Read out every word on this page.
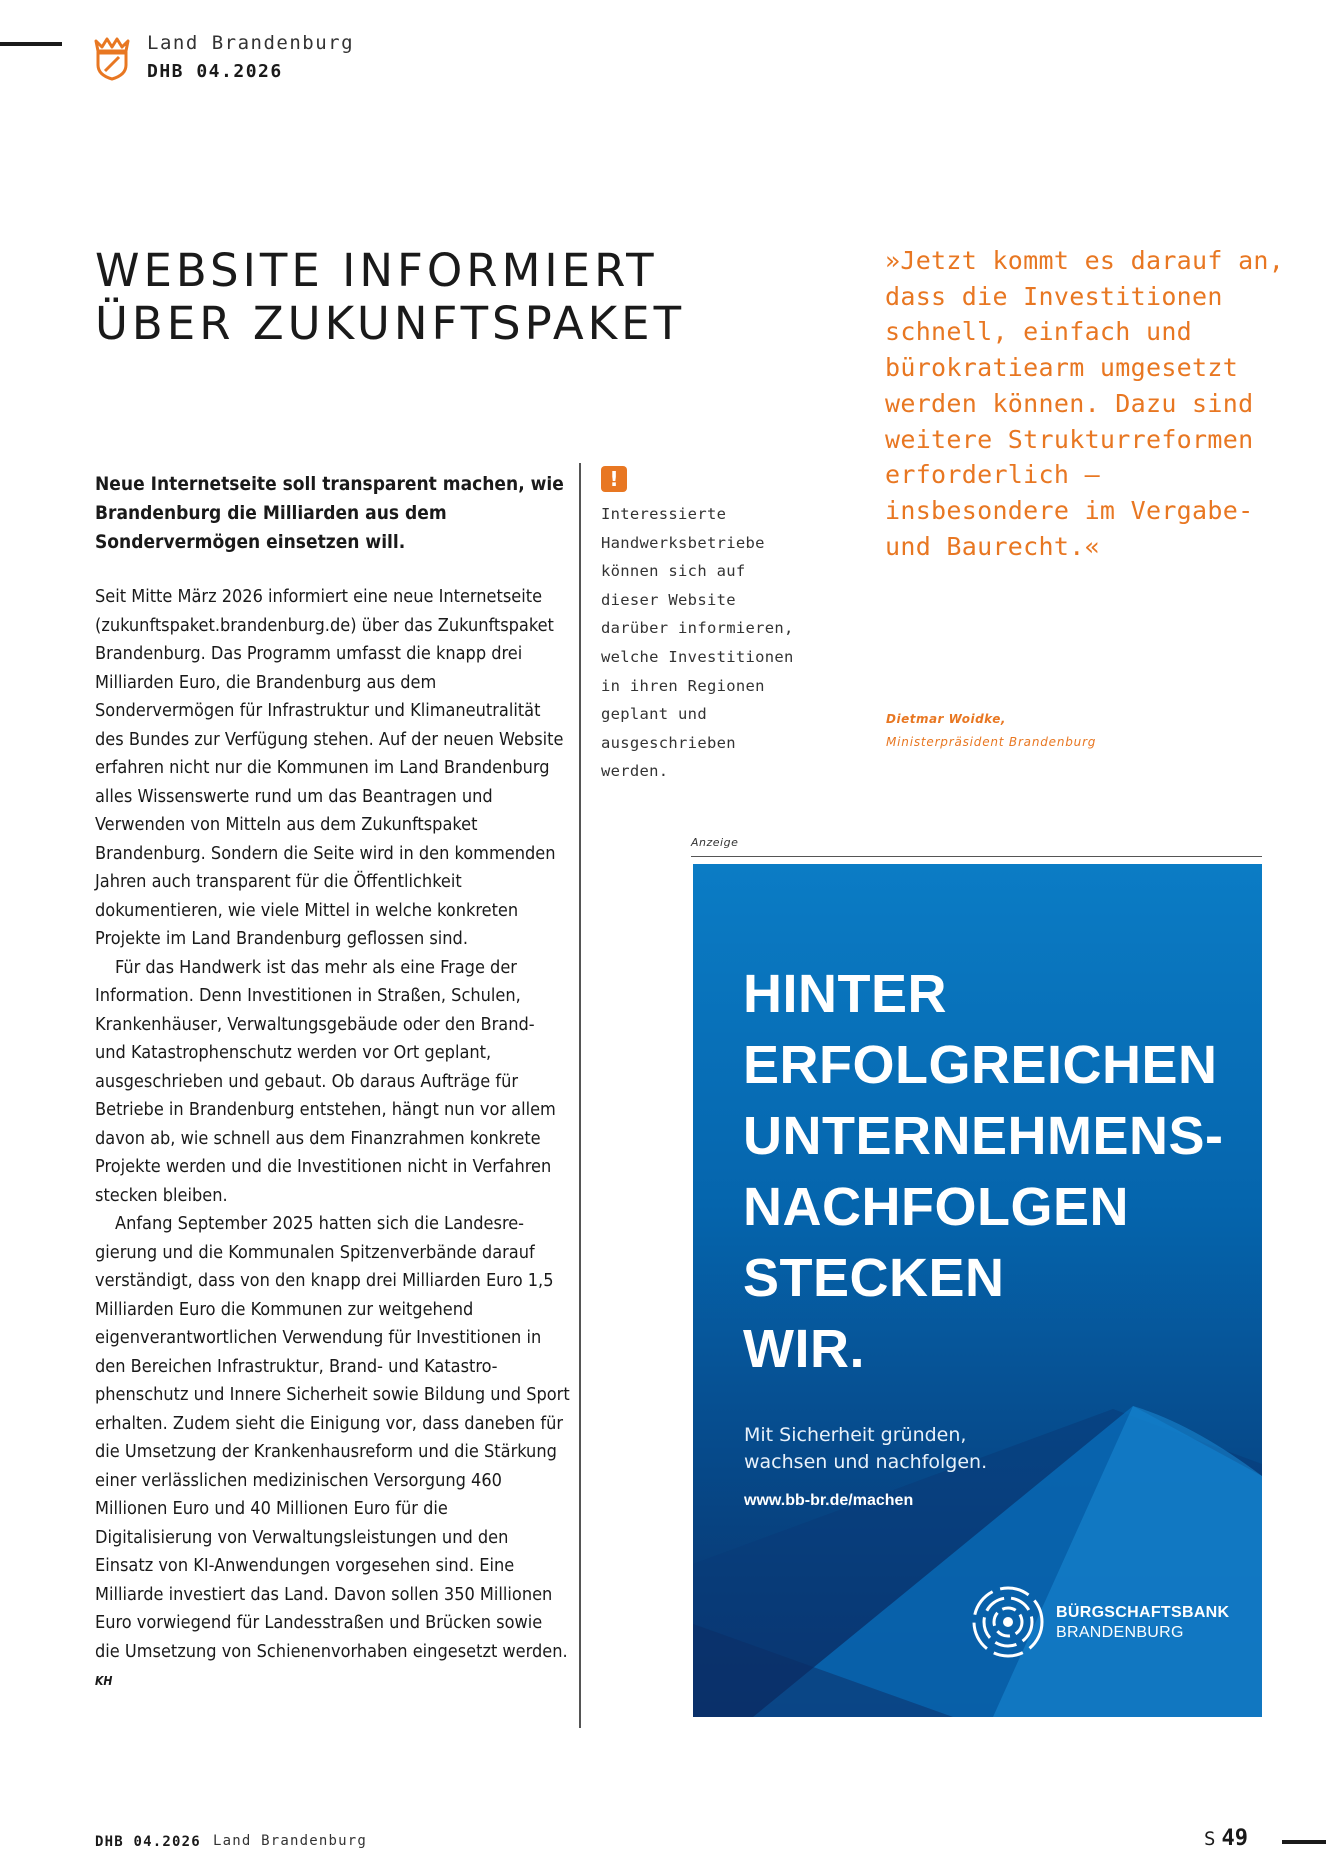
Land Brandenburg
DHB 04.2026
WEBSITE INFORMIERT
ÜBER ZUKUNFTSPAKET
Neue Internetseite soll transparent machen, wie Brandenburg die Milliarden aus dem Sondervermögen einsetzen will.

Seit Mitte März 2026 informiert eine neue Internetseite (zukunftspaket.brandenburg.de) über das Zukunftspaket Brandenburg. Das Programm umfasst die knapp drei Milliarden Euro, die Brandenburg aus dem Sondervermögen für Infrastruktur und Klimaneutralität des Bundes zur Verfügung stehen. Auf der neuen Website erfahren nicht nur die Kommunen im Land Brandenburg alles Wissenswerte rund um das Beantragen und Verwenden von Mitteln aus dem Zukunftspaket Brandenburg. Sondern die Seite wird in den kommenden Jahren auch transparent für die Öffentlichkeit dokumentieren, wie viele Mittel in welche konkreten Projekte im Land Brandenburg geflossen sind.

Für das Handwerk ist das mehr als eine Frage der Information. Denn Investitionen in Straßen, Schulen, Krankenhäuser, Verwaltungsgebäude oder den Brand- und Katastrophenschutz werden vor Ort geplant, ausgeschrieben und gebaut. Ob daraus Aufträge für Betriebe in Brandenburg entstehen, hängt nun vor allem davon ab, wie schnell aus dem Finanzrahmen konkrete Projekte werden und die Investitionen nicht in Verfahren stecken bleiben.

Anfang September 2025 hatten sich die Landesregierung und die Kommunalen Spitzenverbände darauf verständigt, dass von den knapp drei Milliarden Euro 1,5 Milliarden Euro die Kommunen zur weitgehend eigenverantwortlichen Verwendung für Investitionen in den Bereichen Infrastruktur, Brand- und Katastrophenschutz und Innere Sicherheit sowie Bildung und Sport erhalten. Zudem sieht die Einigung vor, dass daneben für die Umsetzung der Krankenhausreform und die Stärkung einer verlässlichen medizinischen Versorgung 460 Millionen Euro und 40 Millionen Euro für die Digitalisierung von Verwaltungsleistungen und den Einsatz von KI-Anwendungen vorgesehen sind. Eine Milliarde investiert das Land. Davon sollen 350 Millionen Euro vorwiegend für Landesstraßen und Brücken sowie die Umsetzung von Schienenvorhaben eingesetzt werden. KH

!
Interessierte Handwerksbetriebe können sich auf dieser Website darüber informieren, welche Investitionen in ihren Regionen geplant und ausgeschrieben werden.
»Jetzt kommt es darauf an, dass die Investitionen schnell, einfach und bürokratiearm umgesetzt werden können. Dazu sind weitere Strukturreformen erforderlich – insbesondere im Vergabe- und Baurecht.«
Dietmar Woidke,
Ministerpräsident Brandenburg
Anzeige
HINTER
ERFOLGREICHEN
UNTERNEHMENS-
NACHFOLGEN
STECKEN
WIR.
Mit Sicherheit gründen,
wachsen und nachfolgen.
www.bb-br.de/machen
BÜRGSCHAFTSBANK
BRANDENBURG
DHB 04.2026 Land Brandenburg	S 49
